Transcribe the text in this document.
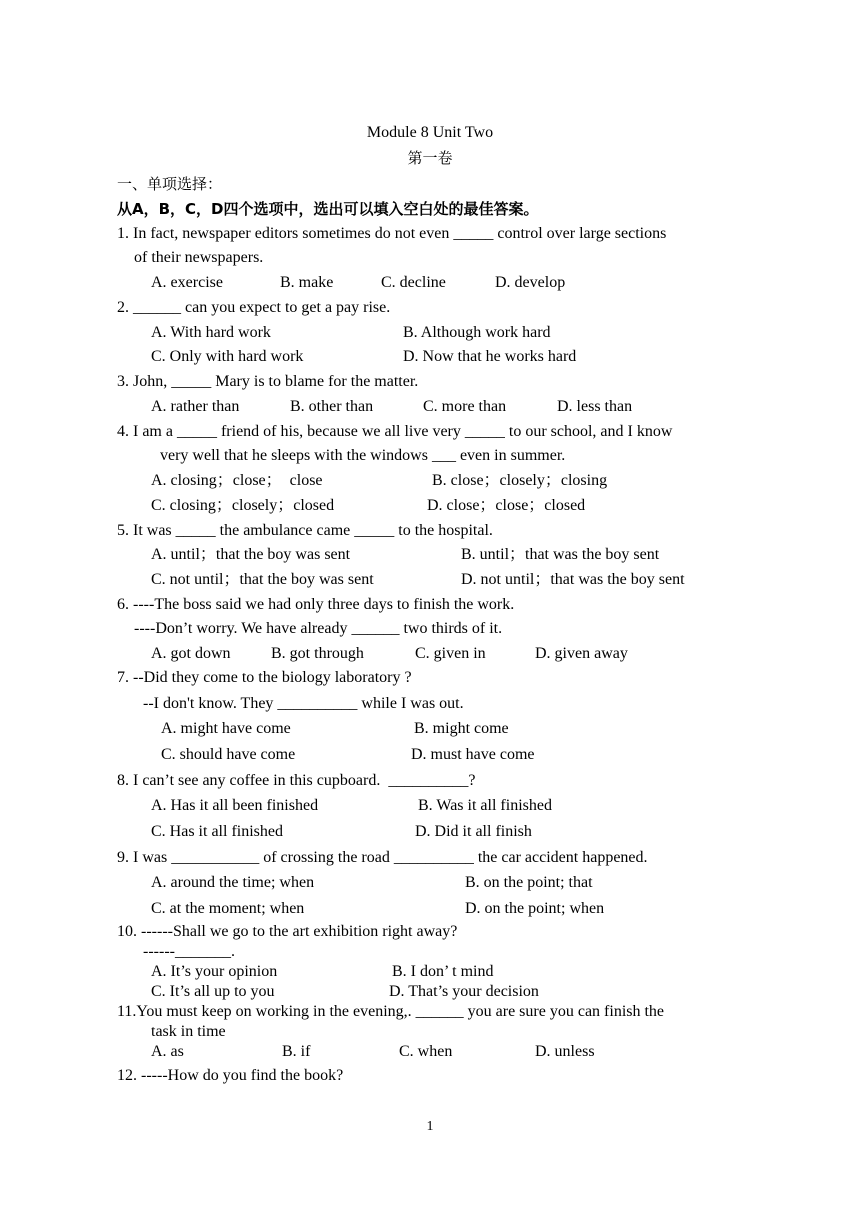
Module 8 Unit Two
第一卷
一、单项选择：
从A，B，C，D四个选项中，选出可以填入空白处的最佳答案。
1. In fact, newspaper editors sometimes do not even _____ control over large sections
of their newspapers.
A. exercise	B. make	C. decline	D. develop
2. ______ can you expect to get a pay rise.
A. With hard work	B. Although work hard
C. Only with hard work	D. Now that he works hard
3. John, _____ Mary is to blame for the matter.
A. rather than	B. other than	C. more than	D. less than
4. I am a _____ friend of his, because we all live very _____ to our school, and I know
very well that he sleeps with the windows ___ even in summer.
A. closing；close；  close	B. close；closely；closing
C. closing；closely；closed	D. close；close；closed
5. It was _____ the ambulance came _____ to the hospital.
A. until；that the boy was sent	B. until；that was the boy sent
C. not until；that the boy was sent	D. not until；that was the boy sent
6. ----The boss said we had only three days to finish the work.
----Don’t worry. We have already ______ two thirds of it.
A. got down	B. got through	C. given in	D. given away
7. --Did they come to the biology laboratory ?
--I don't know. They __________ while I was out.
A. might have come	B. might come
C. should have come	D. must have come
8. I can’t see any coffee in this cupboard.  __________?
A. Has it all been finished	B. Was it all finished
C. Has it all finished	D. Did it all finish
9. I was ___________ of crossing the road __________ the car accident happened.
A. around the time; when	B. on the point; that
C. at the moment; when	D. on the point; when
10. ------Shall we go to the art exhibition right away?
------_______.
A. It’s your opinion	B. I don’ t mind
C. It’s all up to you	D. That’s your decision
11.You must keep on working in the evening,. ______ you are sure you can finish the
task in time
A. as	B. if	C. when	D. unless
12. -----How do you find the book?
1
